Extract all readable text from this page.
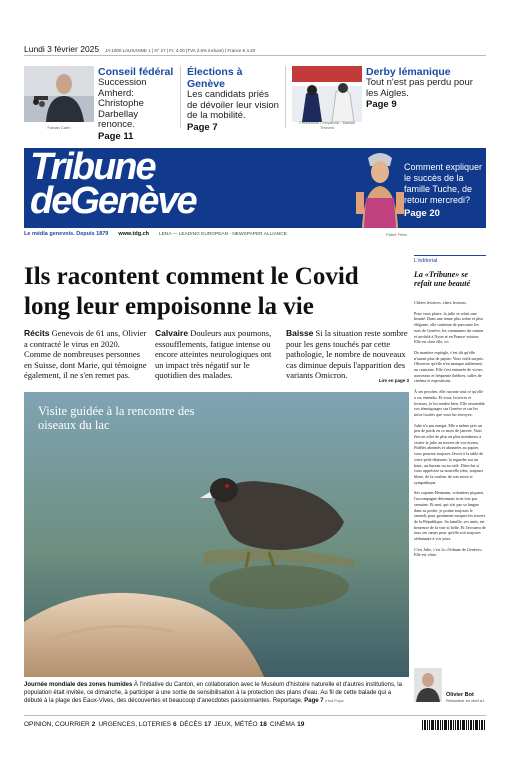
Lundi 3 février 2025 JA 1000 LAUSANNE 1 | N° 27 | Fr. 4.00 (TVA 2.6% incluse) | France € 4.20
Fabian Caën
Conseil fédéral

Succession Amherd: Christophe Darbellay renonce.

Page 11
Élections à Genève

Les candidats priés de dévoiler leur vision de la mobilité.

Page 7	Freshfocus / Keystone - Martial Trezzini
Derby lémanique

Tout n'est pas perdu pour les Aigles.

Page 9
Tribune
deGenève
Comment expliquer le succès de la famille Tuche, de retour mercredi?
Page 20
Pathé Films
Le média genevois. Depuis 1879 www.tdg.ch LENA — LEADING EUROPEAN - NEWSPAPER ALLIANCE
Ils racontent comment le Covid long leur empoisonne la vie
Récits Genevois de 61 ans, Olivier a contracté le virus en 2020. Comme de nombreuses personnes en Suisse, dont Marie, qui témoigne également, il ne s'en remet pas.
Calvaire Douleurs aux poumons, essoufflements, fatigue intense ou encore atteintes neurologiques ont un impact très négatif sur le quotidien des malades.
Baisse Si la situation reste sombre pour les gens touchés par cette pathologie, le nombre de nouveaux cas diminue depuis l'apparition des variants Omicron.
Lire en page 3
Visite guidée à la rencontre des oiseaux du lac
Journée mondiale des zones humides À l'initiative du Canton, en collaboration avec le Muséum d'histoire naturelle et d'autres institutions, la population était invitée, ce dimanche, à participer à une sortie de sensibilisation à la protection des plans d'eau. Au fil de cette balade qui a débuté à la plage des Eaux-Vives, des découvertes et beaucoup d'anecdotes passionnantes. Reportage. Page 7 Irina Popa
L'éditorial
La «Tribune» se refait une beauté

Chères lectrices, chers lecteurs,

Pour vous plaire, la julie se refait une beauté. Dans une tenue plus sobre et plus élégante, elle continue de parcourir les rues de Genève, les communes du canton et au-delà à Nyon et en France voisine. Elle est chez elle, ici.

De manière espiègle, c'est dit qu'elle n'aurait plus de papier. Vous voilà surpris. Observez qu'elle n'en manque nullement, au contraire. Elle s'est entourée de vivres nouveaux et fréquente théâtres, salles de cinéma et expositions.

À ses proches, elle raconte tout ce qu'elle a vu, entendu. Et vous, lectrices et lecteurs, le lui rendez bien. Elle rassemble vos témoignages sur Genève et sur les infos locales que vous lui envoyez.

Julie n'a pas maigri. Elle a même pris un peu de poids en ce mois de janvier. Vous êtes en effet de plus en plus nombreux à visiter la julie au travers de vos écrans. Fidèles abonnés et abonnées au papier, vous pourrez toujours l'avoir à la table de votre petit-déjeuner, la regarder sur un banc, au bureau ou au café. Dites-lui si vous appréciez sa nouvelle robe, toujours bleue, de la couleur de son encre si sympathique.

Ses copains Hermann, volontiers piquant, l'accompagne désormais trois fois par semaine. Et moi, qui n'ai pas sa langue dans sa poche, je pointe toujours le samedi, pour gentiment moquer les travers de la République. Sa famille, ses amis, est heureuse de la voir si belle. Et l'avouera de tous ses sœurs pour qu'elle soit toujours séduisante à vos yeux.

C'est Julie, c'est la «Tribune de Genève». Elle est vôtre.

Olivier Bot
Rédacteur en chef a.i.
OPINION, COURRIER 2 URGENCES, LOTERIES 6 DÉCÈS 17 JEUX, MÉTÉO 18 CINÉMA 19
